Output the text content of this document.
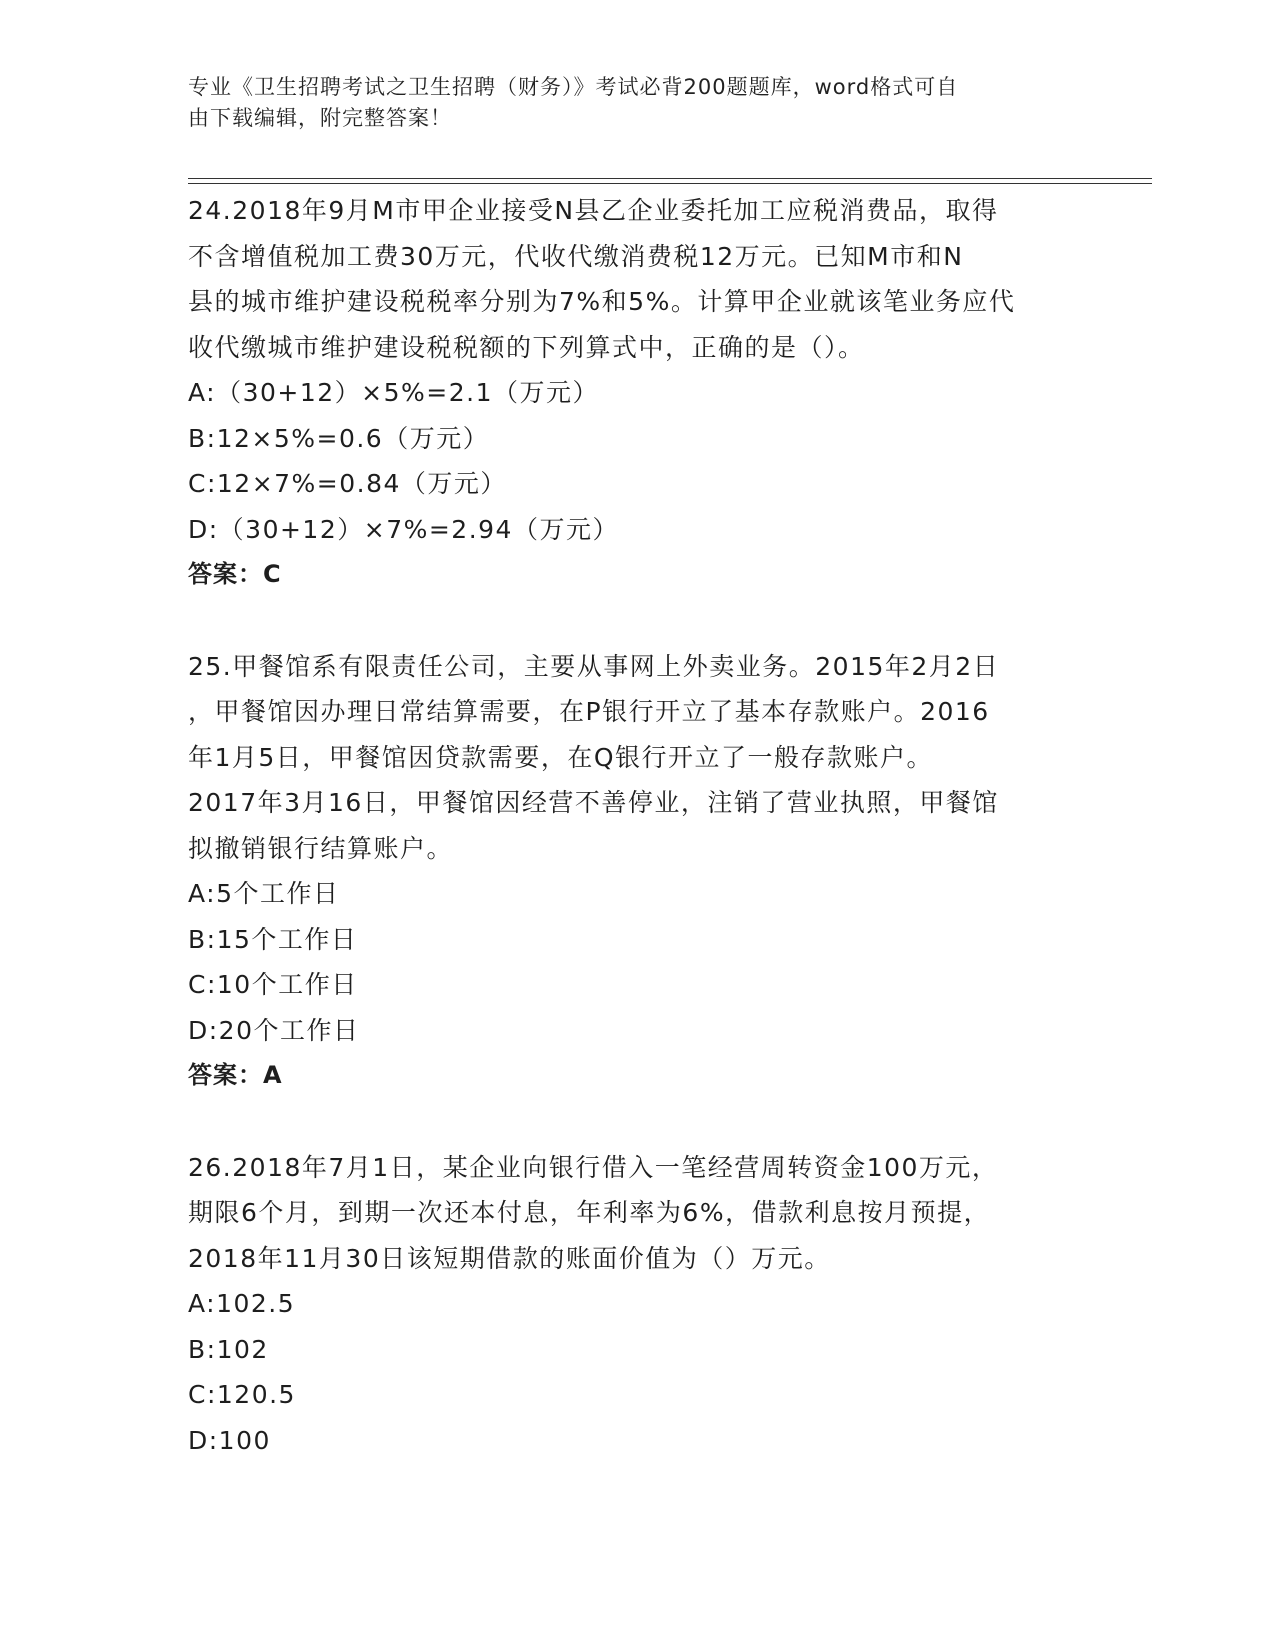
专业《卫生招聘考试之卫生招聘（财务）》考试必背200题题库，word格式可自
由下载编辑，附完整答案！
24.2018年9月M市甲企业接受N县乙企业委托加工应税消费品，取得
不含增值税加工费30万元，代收代缴消费税12万元。已知M市和N
县的城市维护建设税税率分别为7%和5%。计算甲企业就该笔业务应代
收代缴城市维护建设税税额的下列算式中，正确的是（）。
A:（30+12）×5%=2.1（万元）
B:12×5%=0.6（万元）
C:12×7%=0.84（万元）
D:（30+12）×7%=2.94（万元）
答案：C
25.甲餐馆系有限责任公司，主要从事网上外卖业务。2015年2月2日
，甲餐馆因办理日常结算需要，在P银行开立了基本存款账户。2016
年1月5日，甲餐馆因贷款需要，在Q银行开立了一般存款账户。
2017年3月16日，甲餐馆因经营不善停业，注销了营业执照，甲餐馆
拟撤销银行结算账户。
A:5个工作日
B:15个工作日
C:10个工作日
D:20个工作日
答案：A
26.2018年7月1日，某企业向银行借入一笔经营周转资金100万元，
期限6个月，到期一次还本付息，年利率为6%，借款利息按月预提，
2018年11月30日该短期借款的账面价值为（）万元。
A:102.5
B:102
C:120.5
D:100
